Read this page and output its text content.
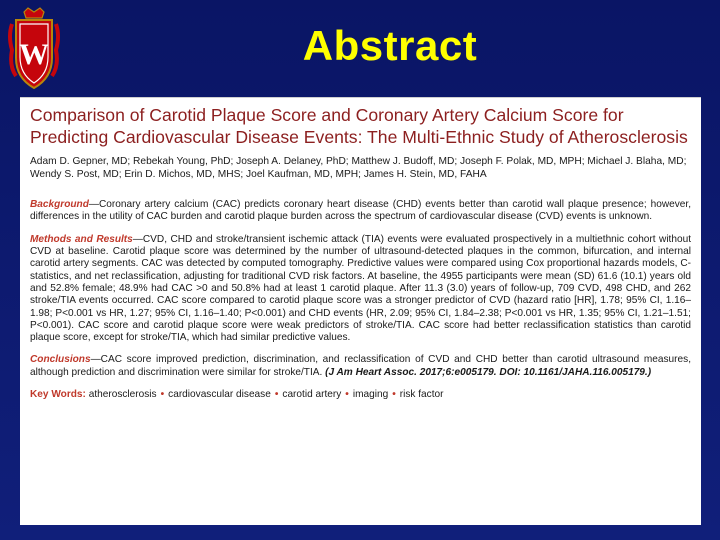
W	Abstract
Comparison of Carotid Plaque Score and Coronary Artery Calcium Score for Predicting Cardiovascular Disease Events: The Multi-Ethnic Study of Atherosclerosis

Adam D. Gepner, MD; Rebekah Young, PhD; Joseph A. Delaney, PhD; Matthew J. Budoff, MD; Joseph F. Polak, MD, MPH; Michael J. Blaha, MD; Wendy S. Post, MD; Erin D. Michos, MD, MHS; Joel Kaufman, MD, MPH; James H. Stein, MD, FAHA

Background—Coronary artery calcium (CAC) predicts coronary heart disease (CHD) events better than carotid wall plaque presence; however, differences in the utility of CAC burden and carotid plaque burden across the spectrum of cardiovascular disease (CVD) events is unknown.

Methods and Results—CVD, CHD and stroke/transient ischemic attack (TIA) events were evaluated prospectively in a multiethnic cohort without CVD at baseline. Carotid plaque score was determined by the number of ultrasound-detected plaques in the common, bifurcation, and internal carotid artery segments. CAC was detected by computed tomography. Predictive values were compared using Cox proportional hazards models, C-statistics, and net reclassification, adjusting for traditional CVD risk factors. At baseline, the 4955 participants were mean (SD) 61.6 (10.1) years old and 52.8% female; 48.9% had CAC >0 and 50.8% had at least 1 carotid plaque. After 11.3 (3.0) years of follow-up, 709 CVD, 498 CHD, and 262 stroke/TIA events occurred. CAC score compared to carotid plaque score was a stronger predictor of CVD (hazard ratio [HR], 1.78; 95% CI, 1.16–1.98; P<0.001 vs HR, 1.27; 95% CI, 1.16–1.40; P<0.001) and CHD events (HR, 2.09; 95% CI, 1.84–2.38; P<0.001 vs HR, 1.35; 95% CI, 1.21–1.51; P<0.001). CAC score and carotid plaque score were weak predictors of stroke/TIA. CAC score had better reclassification statistics than carotid plaque score, except for stroke/TIA, which had similar predictive values.

Conclusions—CAC score improved prediction, discrimination, and reclassification of CVD and CHD better than carotid ultrasound measures, although prediction and discrimination were similar for stroke/TIA. (J Am Heart Assoc. 2017;6:e005179. DOI: 10.1161/JAHA.116.005179.)

Key Words: atherosclerosis • cardiovascular disease • carotid artery • imaging • risk factor
